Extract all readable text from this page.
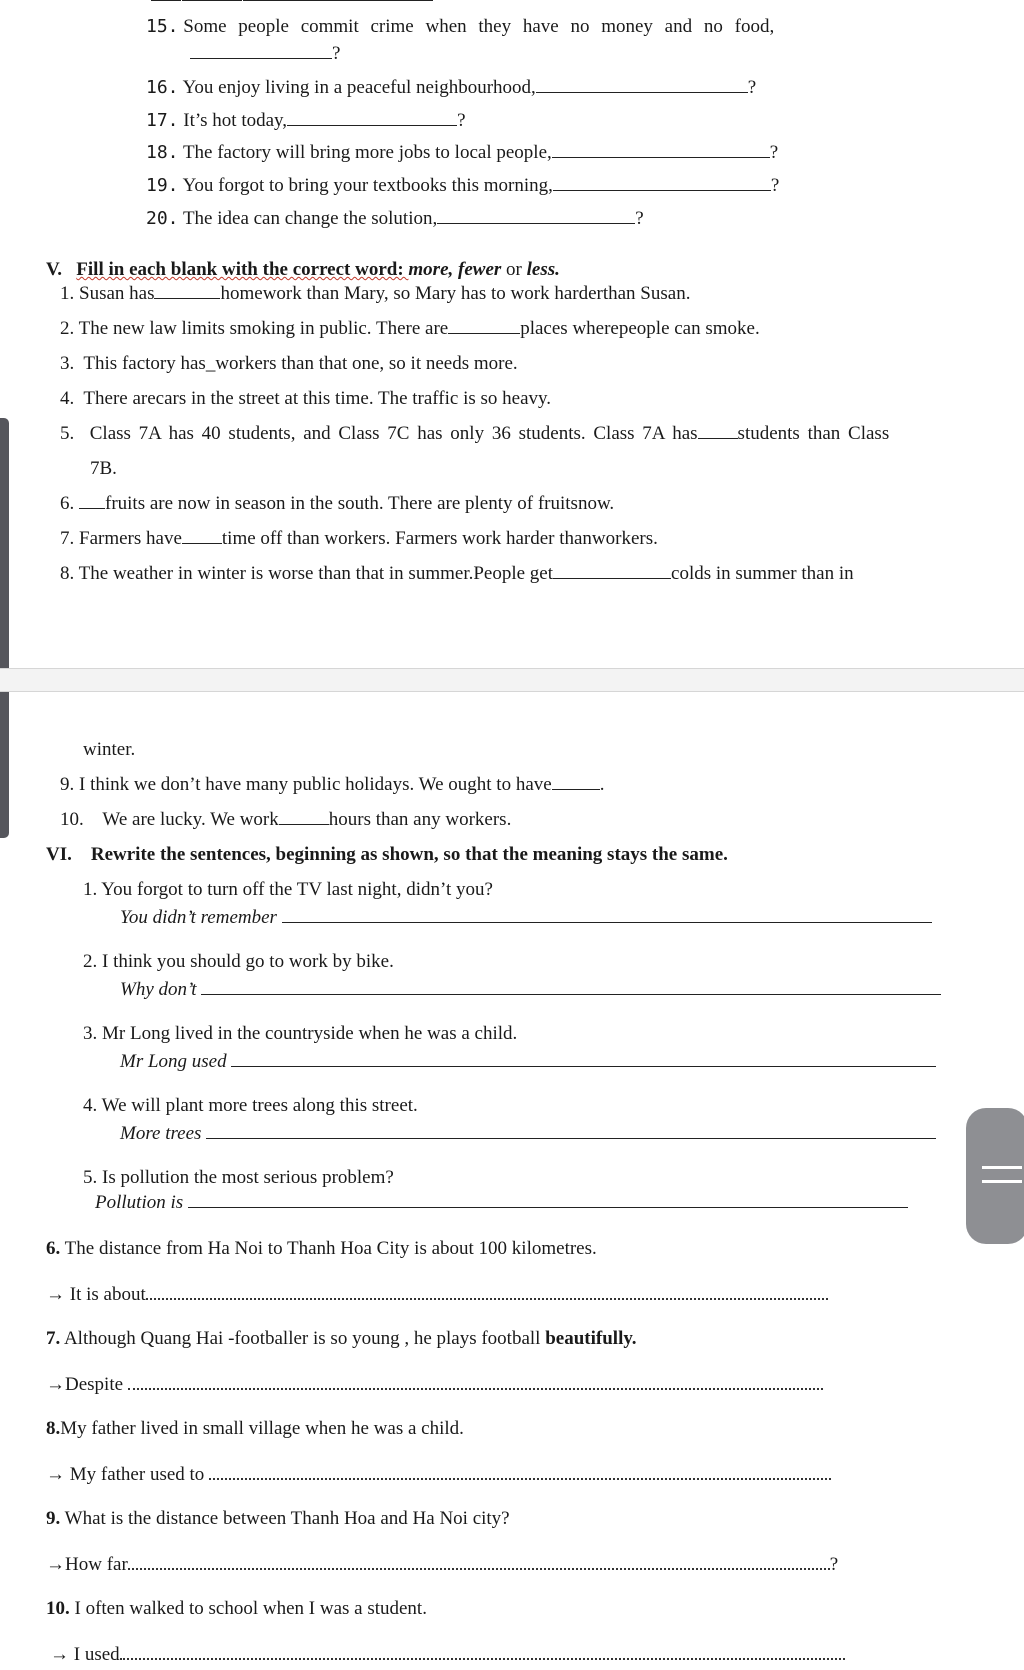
15. Some people commit crime when they have no money and no food,
?
16. You enjoy living in a peaceful neighbourhood,	?
17. It’s hot today,	?
18. The factory will bring more jobs to local people,	?
19. You forgot to bring your textbooks this morning,	?
20. The idea can change the solution,	?
V. Fill in each blank with the correct word: more, fewer or less.
1. Susan has	homework than Mary, so Mary has to work harderthan Susan.
2. The new law limits smoking in public. There are	places wherepeople can smoke.
3. This factory has_workers than that one, so it needs more.
4. There arecars in the street at this time. The traffic is so heavy.
5. Class 7A has 40 students, and Class 7C has only 36 students. Class 7A has students than Class
7B.
6. fruits are now in season in the south. There are plenty of fruitsnow.
7. Farmers have time off than workers. Farmers work harder thanworkers.
8. The weather in winter is worse than that in summer.People get	colds in summer than in
winter.
9. I think we don’t have many public holidays. We ought to have	.
10. We are lucky. We work	hours than any workers.
VI. Rewrite the sentences, beginning as shown, so that the meaning stays the same.
1. You forgot to turn off the TV last night, didn’t you?
You didn’t remember
2. I think you should go to work by bike.
Why don’t
3. Mr Long lived in the countryside when he was a child.
Mr Long used
4. We will plant more trees along this street.
More trees
5. Is pollution the most serious problem?
Pollution is
6. The distance from Ha Noi to Thanh Hoa City is about 100 kilometres.
→ It is about
7. Although Quang Hai -footballer is so young , he plays football beautifully.
→Despite
8.My father lived in small village when he was a child.
→ My father used to
9. What is the distance between Thanh Hoa and Ha Noi city?
→How far	?
10. I often walked to school when I was a student.
→ I used
